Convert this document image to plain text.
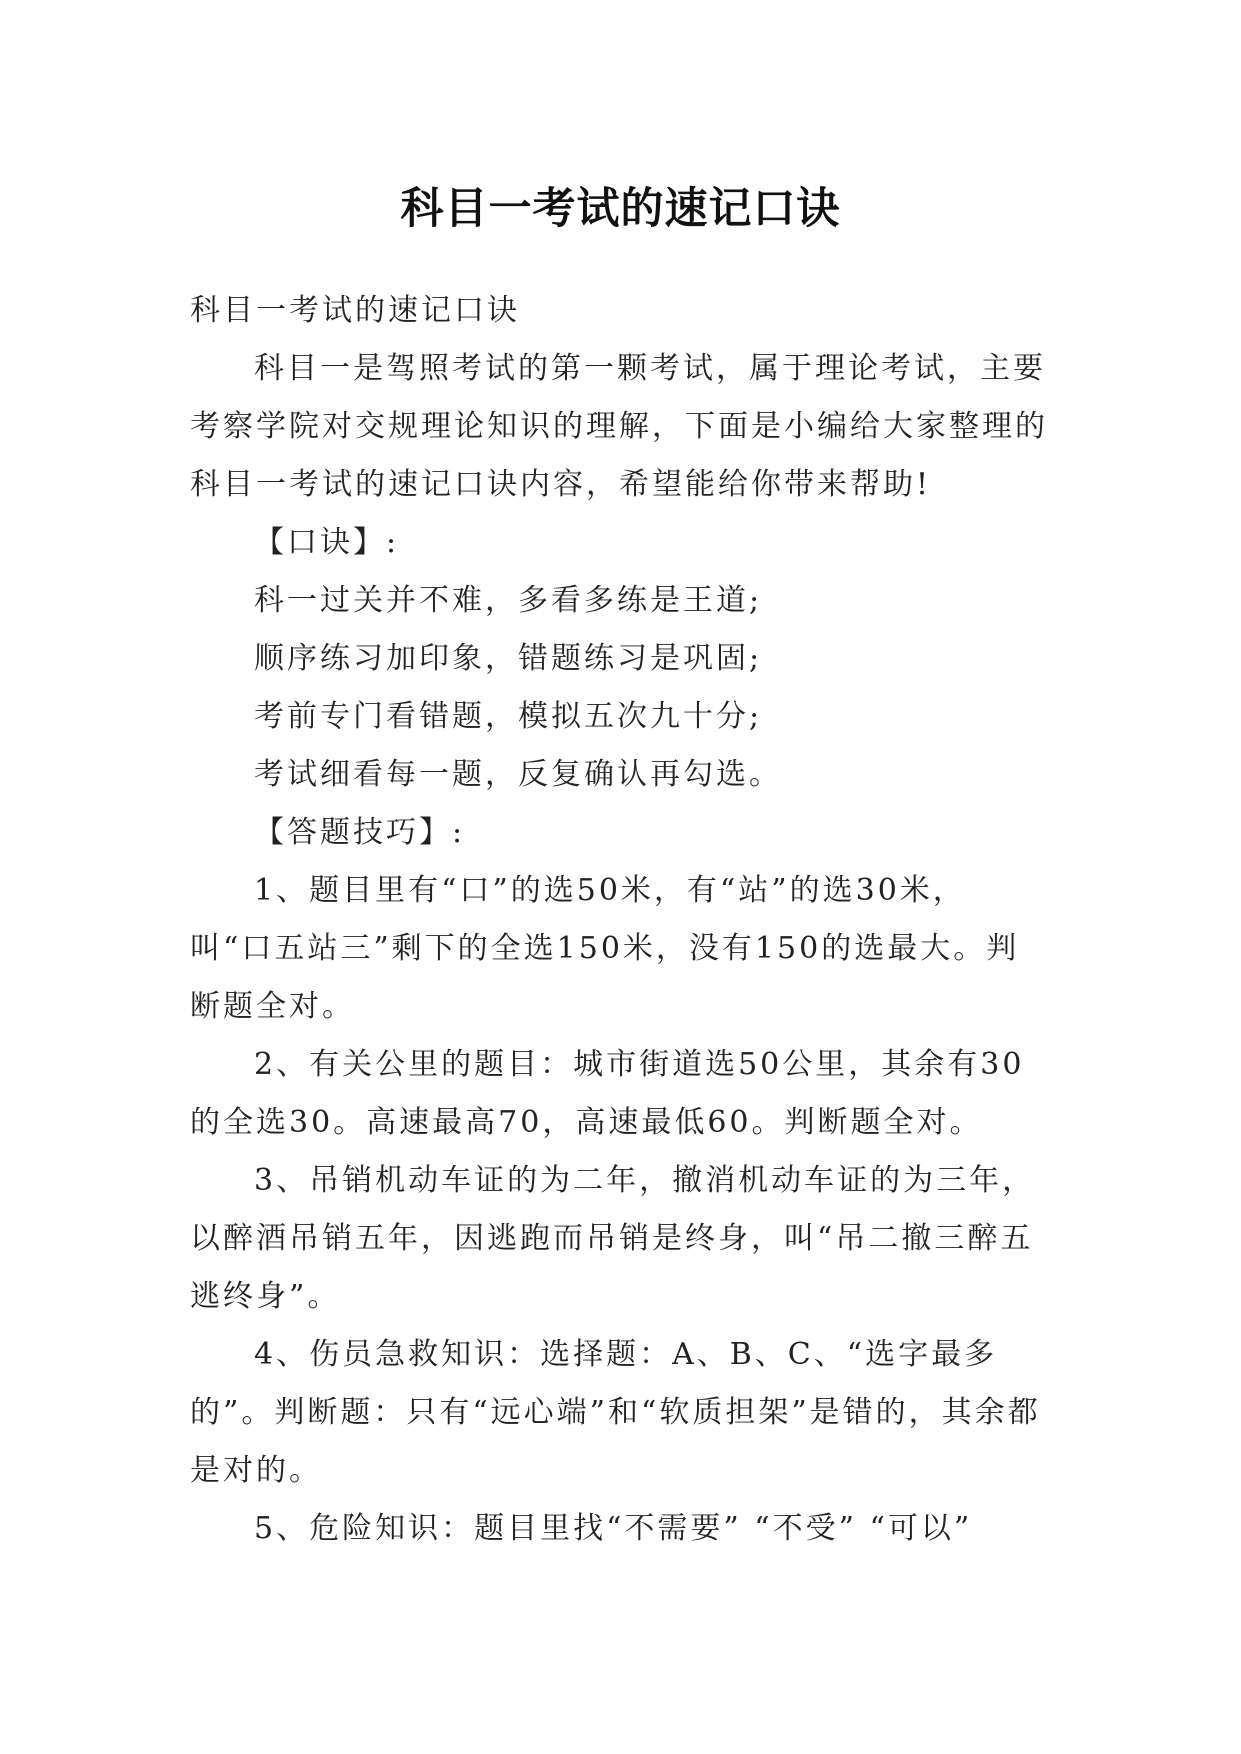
科目一考试的速记口诀

科目一考试的速记口诀

科目一是驾照考试的第一颗考试，属于理论考试，主要考察学院对交规理论知识的理解，下面是小编给大家整理的科目一考试的速记口诀内容，希望能给你带来帮助!

【口诀】:

科一过关并不难，多看多练是王道;

顺序练习加印象，错题练习是巩固;

考前专门看错题，模拟五次九十分;

考试细看每一题，反复确认再勾选。

【答题技巧】:

1、题目里有“口”的选50米，有“站”的选30米，叫“口五站三”剩下的全选150米，没有150的选最大。判断题全对。

2、有关公里的题目：城市街道选50公里，其余有30的全选30。高速最高70，高速最低60。判断题全对。

3、吊销机动车证的为二年，撤消机动车证的为三年，以醉酒吊销五年，因逃跑而吊销是终身，叫“吊二撤三醉五逃终身”。

4、伤员急救知识：选择题：A、B、C、“选字最多的”。判断题：只有“远心端”和“软质担架”是错的，其余都是对的。

5、危险知识：题目里找“不需要” “不受” “可以”
